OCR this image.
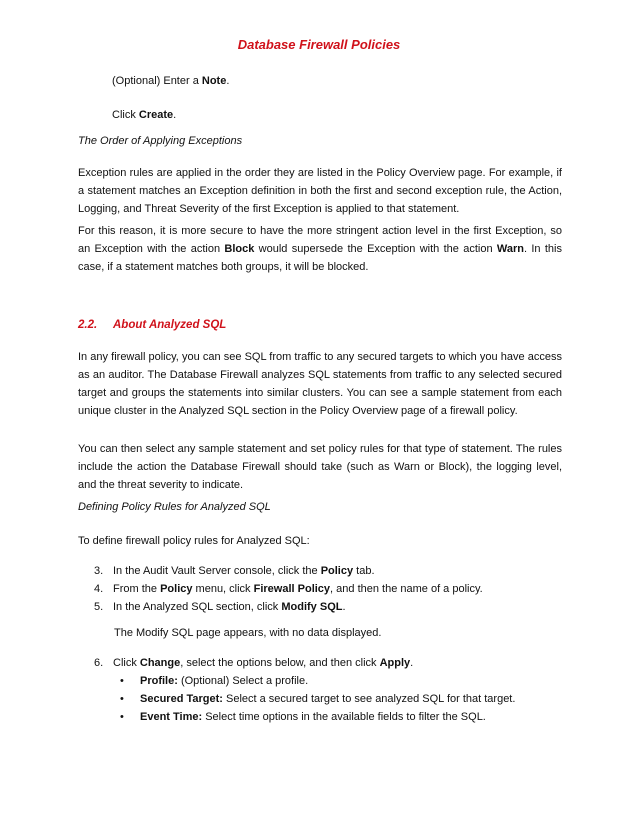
Database Firewall Policies
(Optional) Enter a Note.
Click Create.
The Order of Applying Exceptions
Exception rules are applied in the order they are listed in the Policy Overview page. For example, if a statement matches an Exception definition in both the first and second exception rule, the Action, Logging, and Threat Severity of the first Exception is applied to that statement.
For this reason, it is more secure to have the more stringent action level in the first Exception, so an Exception with the action Block would supersede the Exception with the action Warn. In this case, if a statement matches both groups, it will be blocked.
2.2. About Analyzed SQL
In any firewall policy, you can see SQL from traffic to any secured targets to which you have access as an auditor. The Database Firewall analyzes SQL statements from traffic to any selected secured target and groups the statements into similar clusters. You can see a sample statement from each unique cluster in the Analyzed SQL section in the Policy Overview page of a firewall policy.
You can then select any sample statement and set policy rules for that type of statement. The rules include the action the Database Firewall should take (such as Warn or Block), the logging level, and the threat severity to indicate.
Defining Policy Rules for Analyzed SQL
To define firewall policy rules for Analyzed SQL:
3. In the Audit Vault Server console, click the Policy tab.
4. From the Policy menu, click Firewall Policy, and then the name of a policy.
5. In the Analyzed SQL section, click Modify SQL.
The Modify SQL page appears, with no data displayed.
6. Click Change, select the options below, and then click Apply.
• Profile: (Optional) Select a profile.
• Secured Target: Select a secured target to see analyzed SQL for that target.
• Event Time: Select time options in the available fields to filter the SQL.
